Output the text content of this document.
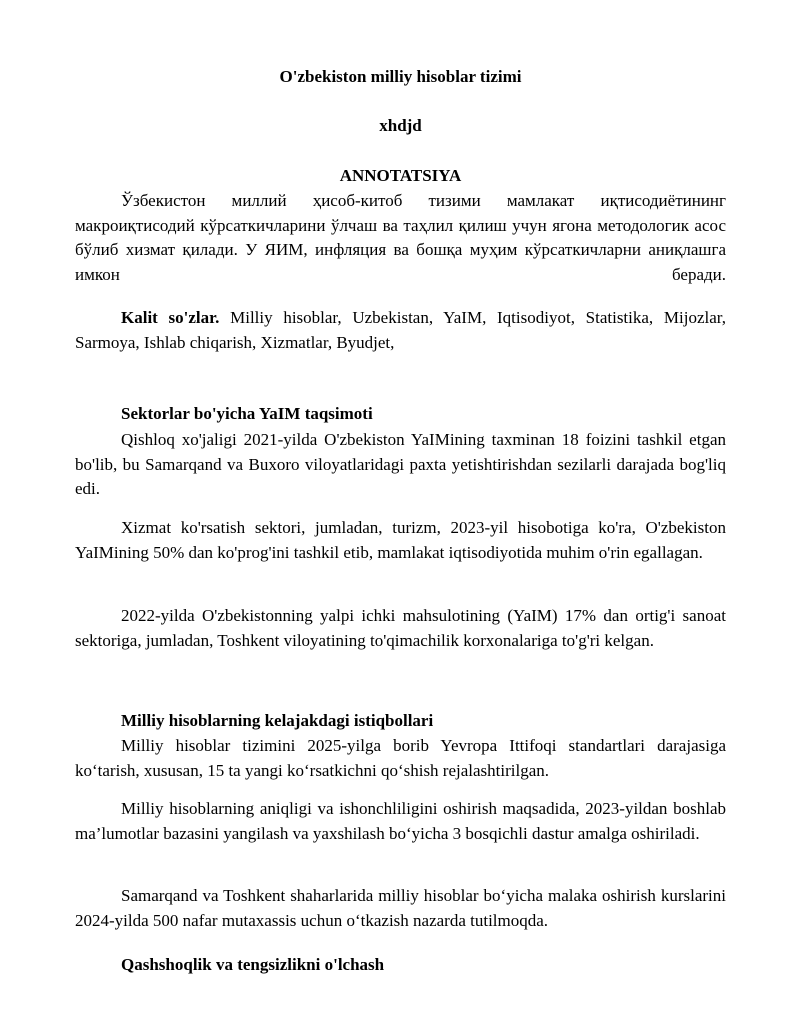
O'zbekiston milliy hisoblar tizimi
xhdjd
ANNOTATSIYA
Ўзбекистон миллий ҳисоб-китоб тизими мамлакат иқтисодиётининг макроиқтисодий кўрсаткичларини ўлчаш ва таҳлил қилиш учун ягона методологик асос бўлиб хизмат қилади. У ЯИМ, инфляция ва бошқа муҳим кўрсаткичларни аниқлашга имкон беради.
Kalit so'zlar. Milliy hisoblar, Uzbekistan, YaIM, Iqtisodiyot, Statistika, Mijozlar, Sarmoya, Ishlab chiqarish, Xizmatlar, Byudjet,
Sektorlar bo'yicha YaIM taqsimoti
Qishloq xo'jaligi 2021-yilda O'zbekiston YaIMining taxminan 18 foizini tashkil etgan bo'lib, bu Samarqand va Buxoro viloyatlaridagi paxta yetishtirishdan sezilarli darajada bog'liq edi.
Xizmat ko'rsatish sektori, jumladan, turizm, 2023-yil hisobotiga ko'ra, O'zbekiston YaIMining 50% dan ko'prog'ini tashkil etib, mamlakat iqtisodiyotida muhim o'rin egallagan.
2022-yilda O'zbekistonning yalpi ichki mahsulotining (YaIM) 17% dan ortig'i sanoat sektoriga, jumladan, Toshkent viloyatining to'qimachilik korxonalariga to'g'ri kelgan.
Milliy hisoblarning kelajakdagi istiqbollari
Milliy hisoblar tizimini 2025-yilga borib Yevropa Ittifoqi standartlari darajasiga ko‘tarish, xususan, 15 ta yangi ko‘rsatkichni qo‘shish rejalashtirilgan.
Milliy hisoblarning aniqligi va ishonchliligini oshirish maqsadida, 2023-yildan boshlab ma’lumotlar bazasini yangilash va yaxshilash bo‘yicha 3 bosqichli dastur amalga oshiriladi.
Samarqand va Toshkent shaharlarida milliy hisoblar bo‘yicha malaka oshirish kurslarini 2024-yilda 500 nafar mutaxassis uchun o‘tkazish nazarda tutilmoqda.
Qashshoqlik va tengsizlikni o'lchash
